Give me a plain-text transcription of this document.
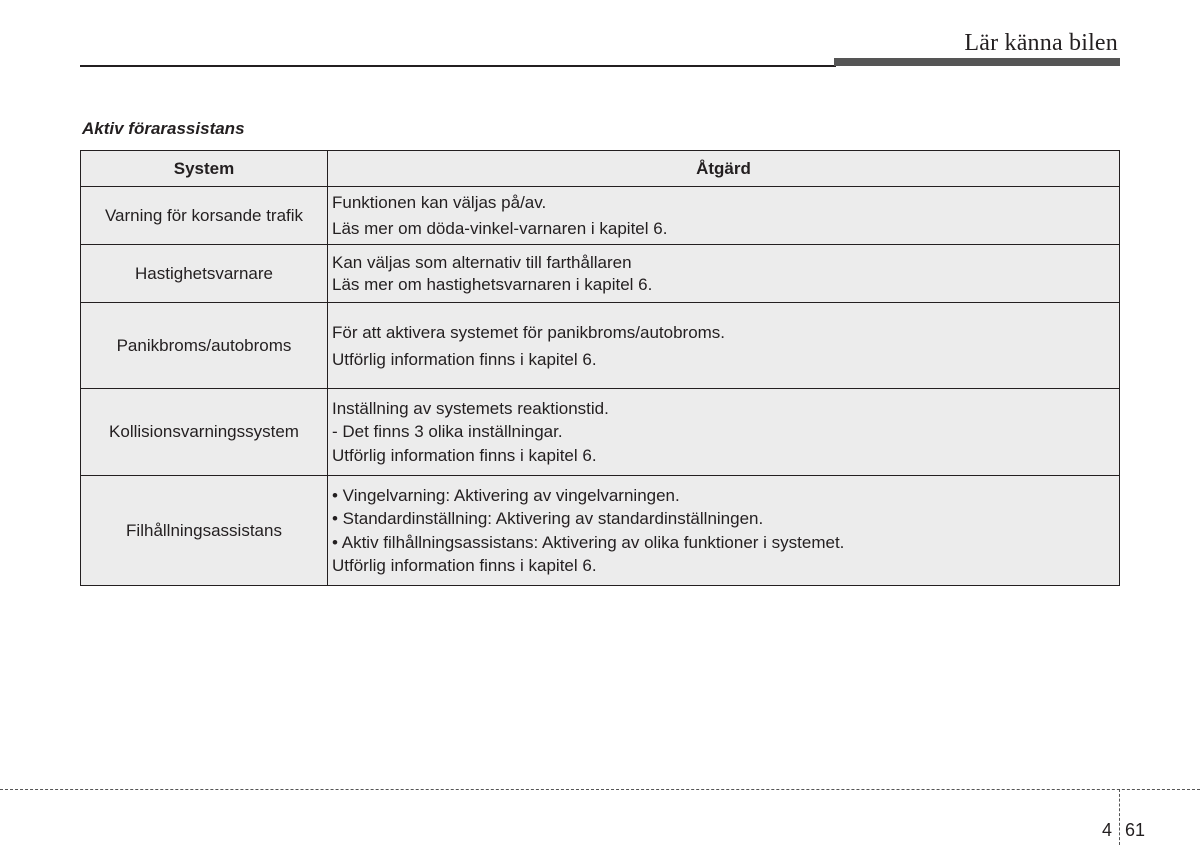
Lär känna bilen
Aktiv förarassistans
System	Åtgärd
Varning för korsande trafik	Funktionen kan väljas på/av.
Läs mer om döda-vinkel-varnaren i kapitel 6.

Hastighetsvarnare	Kan väljas som alternativ till farthållaren
Läs mer om hastighetsvarnaren i kapitel 6.

Panikbroms/autobroms	För att aktivera systemet för panikbroms/autobroms.
Utförlig information finns i kapitel 6.

Kollisionsvarningssystem	Inställning av systemets reaktionstid.
- Det finns 3 olika inställningar.
Utförlig information finns i kapitel 6.

Filhållningsassistans	• Vingelvarning: Aktivering av vingelvarningen.
• Standardinställning: Aktivering av standardinställningen.
• Aktiv filhållningsassistans: Aktivering av olika funktioner i systemet.
Utförlig information finns i kapitel 6.
4 61
